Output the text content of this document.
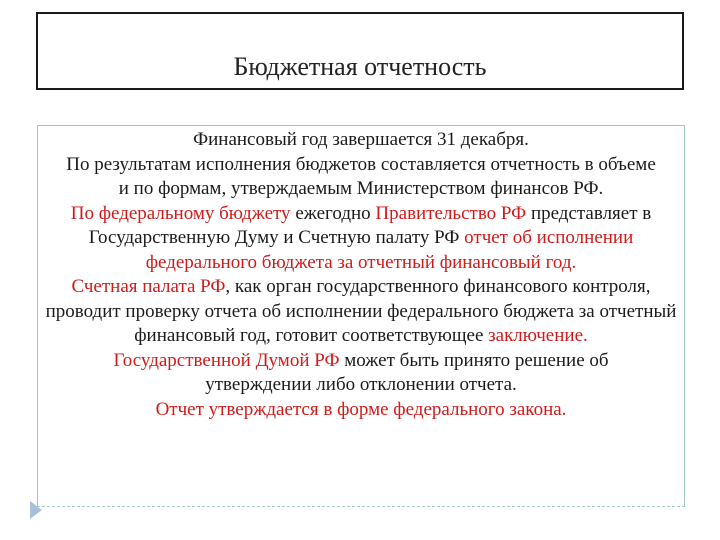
Бюджетная отчетность

Финансовый год завершается 31 декабря.

По результатам исполнения бюджетов составляется отчетность в объеме и по формам, утверждаемым Министерством финансов РФ.

По федеральному бюджету ежегодно Правительство РФ представляет в Государственную Думу и Счетную палату РФ отчет об исполнении федерального бюджета за отчетный финансовый год.

Счетная палата РФ, как орган государственного финансового контроля, проводит проверку отчета об исполнении федерального бюджета за отчетный финансовый год, готовит соответствующее заключение.

Государственной Думой РФ может быть принято решение об утверждении либо отклонении отчета.

Отчет утверждается в форме федерального закона.
